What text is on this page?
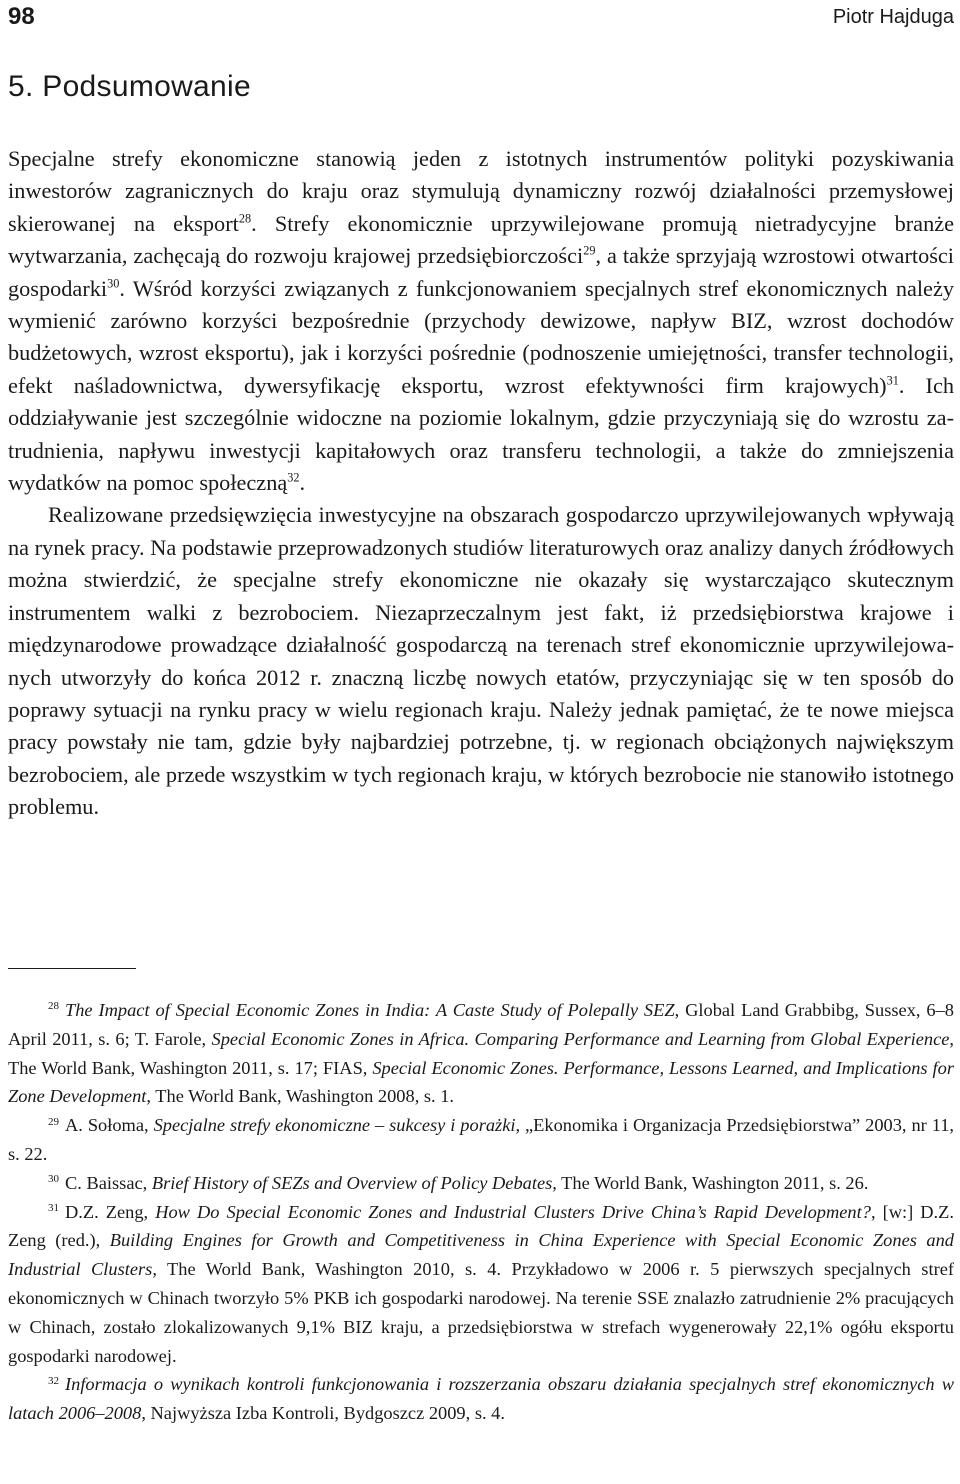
98	Piotr Hajduga
5. Podsumowanie

Specjalne strefy ekonomiczne stanowią jeden z istotnych instrumentów polityki pozyskiwania inwestorów zagranicznych do kraju oraz stymulują dynamiczny rozwój działalności przemysłowej skierowanej na eksport$^{28}$. Strefy ekonomicznie uprzywilejowane promują nietradycyjne branże wytwarzania, zachęcają do rozwoju krajowej przedsiębiorczości$^{29}$, a także sprzyjają wzrostowi otwartości gospodarki$^{30}$. Wśród korzyści związanych z funkcjonowaniem specjalnych stref ekonomicznych należy wymienić zarówno korzyści bezpośrednie (przychody dewizowe, napływ BIZ, wzrost dochodów budżetowych, wzrost eksportu), jak i korzyści pośrednie (podnoszenie umiejętności, transfer technologii, efekt naśladownictwa, dywersyfikację eksportu, wzrost efektywności firm krajowych)$^{31}$. Ich oddziaływanie jest szczególnie widoczne na poziomie lokalnym, gdzie przyczyniają się do wzrostu zatrudnienia, napływu inwestycji kapitałowych oraz transferu technologii, a także do zmniejszenia wydatków na pomoc społeczną$^{32}$.

Realizowane przedsięwzięcia inwestycyjne na obszarach gospodarczo uprzywilejowanych wpływają na rynek pracy. Na podstawie przeprowadzonych studiów literaturowych oraz analizy danych źródłowych można stwierdzić, że specjalne strefy ekonomiczne nie okazały się wystarczająco skutecznym instrumentem walki z bezrobociem. Niezaprzeczalnym jest fakt, iż przedsiębiorstwa krajowe i międzynarodowe prowadzące działalność gospodarczą na terenach stref ekonomicznie uprzywilejowanych utworzyły do końca 2012 r. znaczną liczbę nowych etatów, przyczyniając się w ten sposób do poprawy sytuacji na rynku pracy w wielu regionach kraju. Należy jednak pamiętać, że te nowe miejsca pracy powstały nie tam, gdzie były najbardziej potrzebne, tj. w regionach obciążonych największym bezrobociem, ale przede wszystkim w tych regionach kraju, w których bezrobocie nie stanowiło istotnego problemu.

28 The Impact of Special Economic Zones in India: A Caste Study of Polepally SEZ, Global Land Grabbibg, Sussex, 6–8 April 2011, s. 6; T. Farole, Special Economic Zones in Africa. Comparing Performance and Learning from Global Experience, The World Bank, Washington 2011, s. 17; FIAS, Special Economic Zones. Performance, Lessons Learned, and Implications for Zone Development, The World Bank, Washington 2008, s. 1.

29 A. Sołoma, Specjalne strefy ekonomiczne – sukcesy i porażki, „Ekonomika i Organizacja Przedsiębiorstwa” 2003, nr 11, s. 22.

30 C. Baissac, Brief History of SEZs and Overview of Policy Debates, The World Bank, Washington 2011, s. 26.

31 D.Z. Zeng, How Do Special Economic Zones and Industrial Clusters Drive China’s Rapid Development?, [w:] D.Z. Zeng (red.), Building Engines for Growth and Competitiveness in China Experience with Special Economic Zones and Industrial Clusters, The World Bank, Washington 2010, s. 4. Przykładowo w 2006 r. 5 pierwszych specjalnych stref ekonomicznych w Chinach tworzyło 5% PKB ich gospodarki narodowej. Na terenie SSE znalazło zatrudnienie 2% pracujących w Chinach, zostało zlokalizowanych 9,1% BIZ kraju, a przedsiębiorstwa w strefach wygenerowały 22,1% ogółu eksportu gospodarki narodowej.

32 Informacja o wynikach kontroli funkcjonowania i rozszerzania obszaru działania specjalnych stref ekonomicznych w latach 2006–2008, Najwyższa Izba Kontroli, Bydgoszcz 2009, s. 4.
